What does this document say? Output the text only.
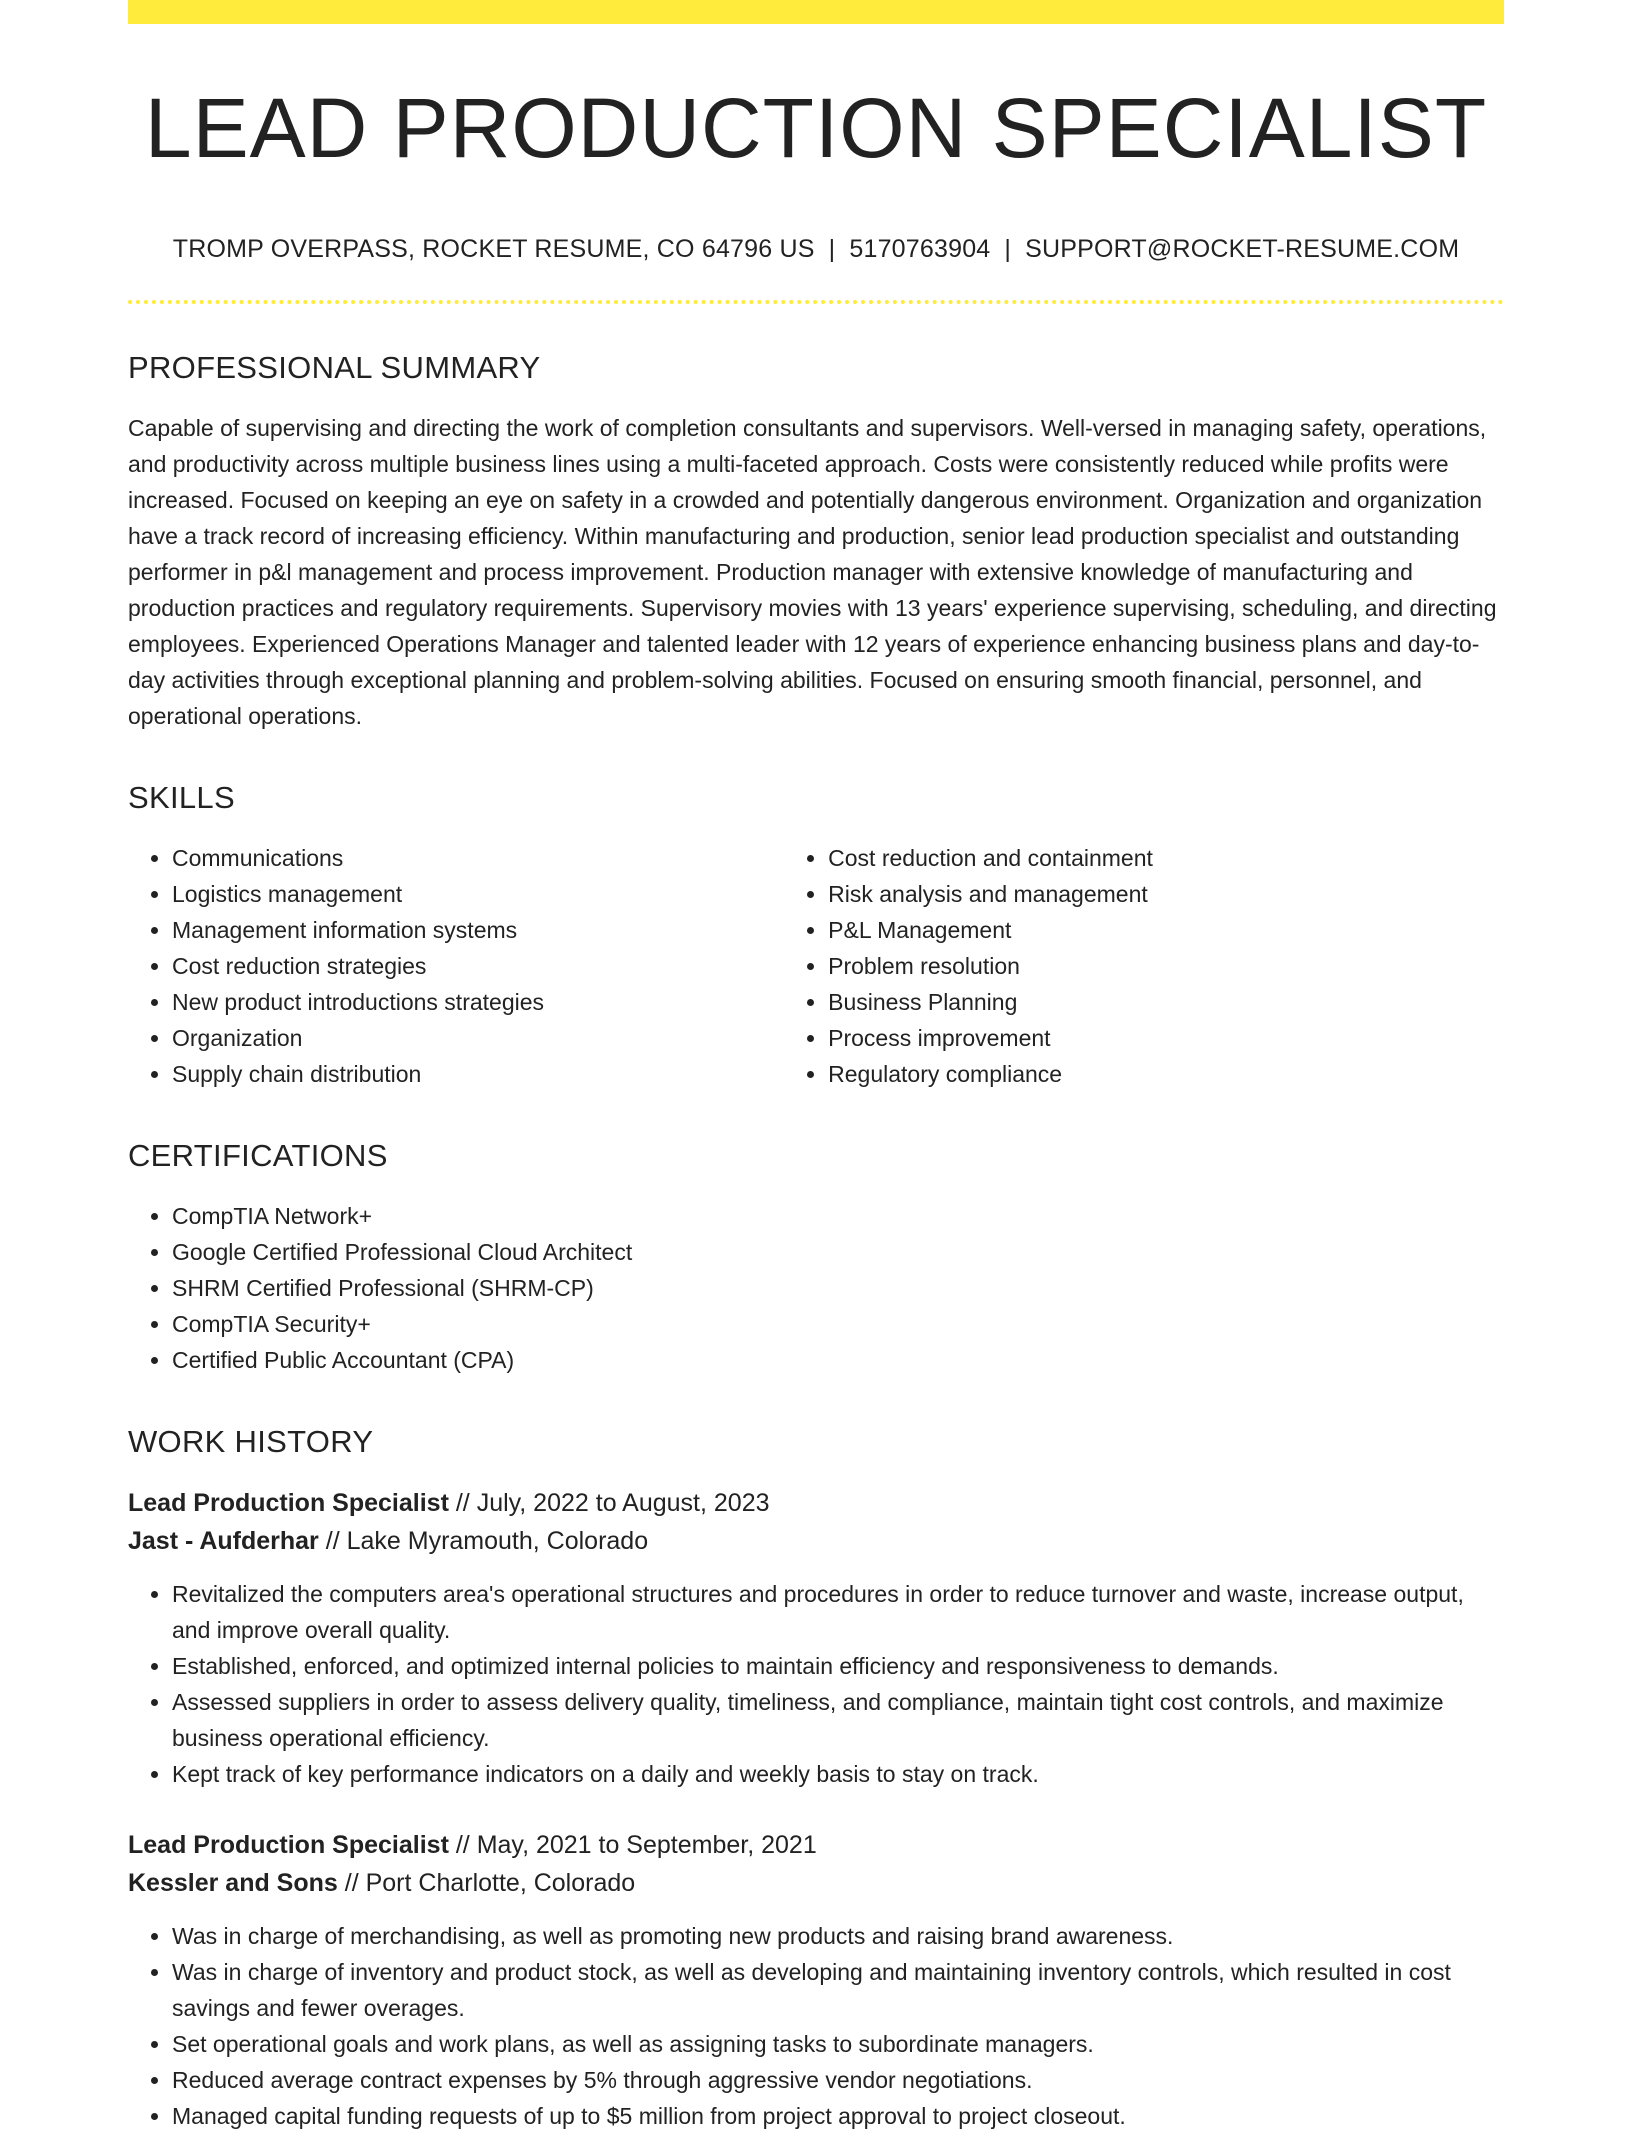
LEAD PRODUCTION SPECIALIST
TROMP OVERPASS, ROCKET RESUME, CO 64796 US | 5170763904 | SUPPORT@ROCKET-RESUME.COM
PROFESSIONAL SUMMARY

Capable of supervising and directing the work of completion consultants and supervisors. Well-versed in managing safety, operations, and productivity across multiple business lines using a multi-faceted approach. Costs were consistently reduced while profits were increased. Focused on keeping an eye on safety in a crowded and potentially dangerous environment. Organization and organization have a track record of increasing efficiency. Within manufacturing and production, senior lead production specialist and outstanding performer in p&l management and process improvement. Production manager with extensive knowledge of manufacturing and production practices and regulatory requirements. Supervisory movies with 13 years' experience supervising, scheduling, and directing employees. Experienced Operations Manager and talented leader with 12 years of experience enhancing business plans and day-to-day activities through exceptional planning and problem-solving abilities. Focused on ensuring smooth financial, personnel, and operational operations.

SKILLS
• Communications
• Logistics management
• Management information systems
• Cost reduction strategies
• New product introductions strategies
• Organization
• Supply chain distribution
• Cost reduction and containment
• Risk analysis and management
• P&L Management
• Problem resolution
• Business Planning
• Process improvement
• Regulatory compliance
CERTIFICATIONS
• CompTIA Network+
• Google Certified Professional Cloud Architect
• SHRM Certified Professional (SHRM-CP)
• CompTIA Security+
• Certified Public Accountant (CPA)
WORK HISTORY
Lead Production Specialist // July, 2022 to August, 2023
Jast - Aufderhar // Lake Myramouth, Colorado
• Revitalized the computers area's operational structures and procedures in order to reduce turnover and waste, increase output, and improve overall quality.
• Established, enforced, and optimized internal policies to maintain efficiency and responsiveness to demands.
• Assessed suppliers in order to assess delivery quality, timeliness, and compliance, maintain tight cost controls, and maximize business operational efficiency.
• Kept track of key performance indicators on a daily and weekly basis to stay on track.
Lead Production Specialist // May, 2021 to September, 2021
Kessler and Sons // Port Charlotte, Colorado
• Was in charge of merchandising, as well as promoting new products and raising brand awareness.
• Was in charge of inventory and product stock, as well as developing and maintaining inventory controls, which resulted in cost savings and fewer overages.
• Set operational goals and work plans, as well as assigning tasks to subordinate managers.
• Reduced average contract expenses by 5% through aggressive vendor negotiations.
• Managed capital funding requests of up to $5 million from project approval to project closeout.
